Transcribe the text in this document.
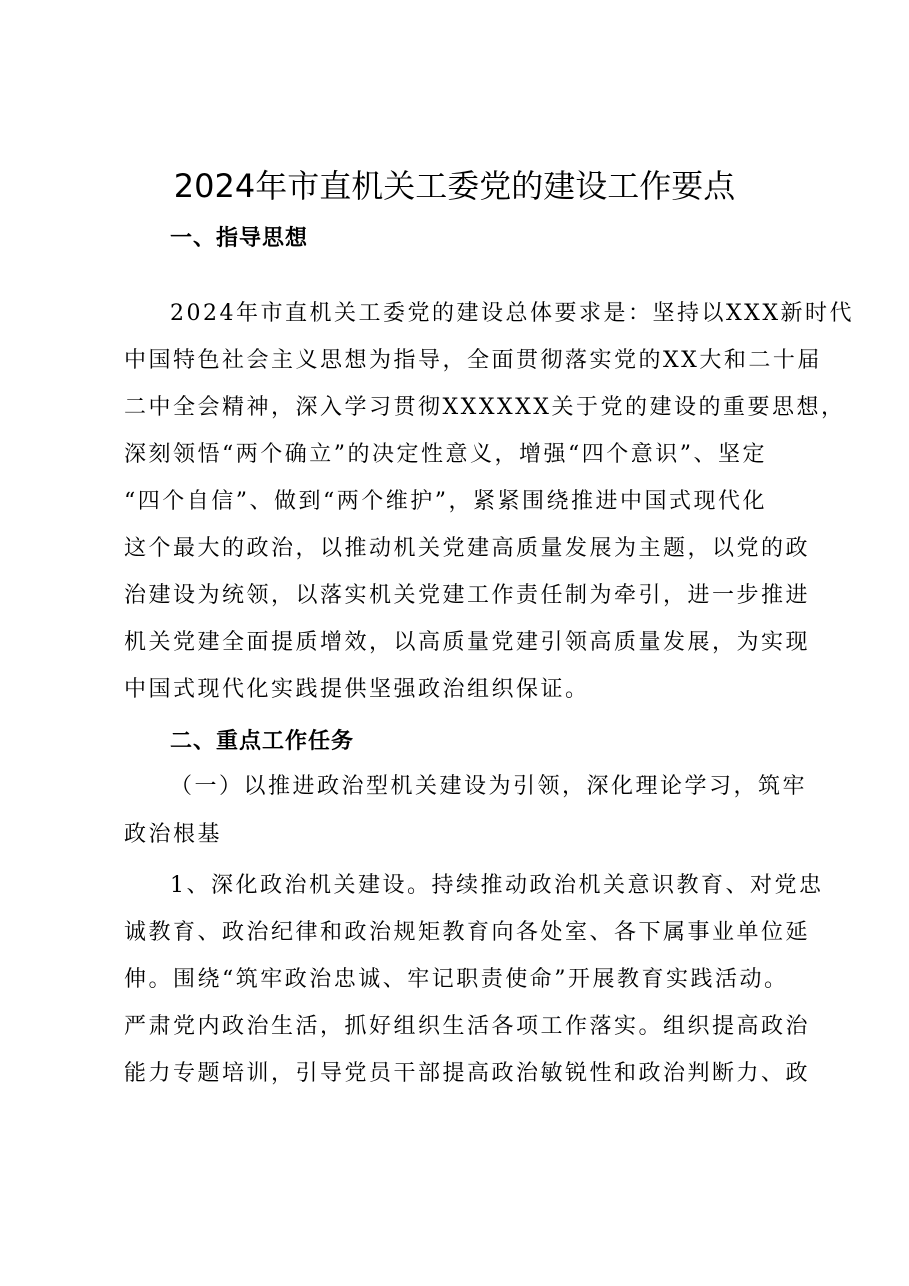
2024年市直机关工委党的建设工作要点
一、指导思想
2024年市直机关工委党的建设总体要求是：坚持以XXX新时代
中国特色社会主义思想为指导，全面贯彻落实党的XX大和二十届
二中全会精神，深入学习贯彻XXXXXX关于党的建设的重要思想，
深刻领悟“两个确立”的决定性意义，增强“四个意识”、坚定
“四个自信”、做到“两个维护”，紧紧围绕推进中国式现代化
这个最大的政治，以推动机关党建高质量发展为主题，以党的政
治建设为统领，以落实机关党建工作责任制为牵引，进一步推进
机关党建全面提质增效，以高质量党建引领高质量发展，为实现
中国式现代化实践提供坚强政治组织保证。
二、重点工作任务
（一）以推进政治型机关建设为引领，深化理论学习，筑牢
政治根基
1、深化政治机关建设。持续推动政治机关意识教育、对党忠
诚教育、政治纪律和政治规矩教育向各处室、各下属事业单位延
伸。围绕“筑牢政治忠诚、牢记职责使命”开展教育实践活动。
严肃党内政治生活，抓好组织生活各项工作落实。组织提高政治
能力专题培训，引导党员干部提高政治敏锐性和政治判断力、政
